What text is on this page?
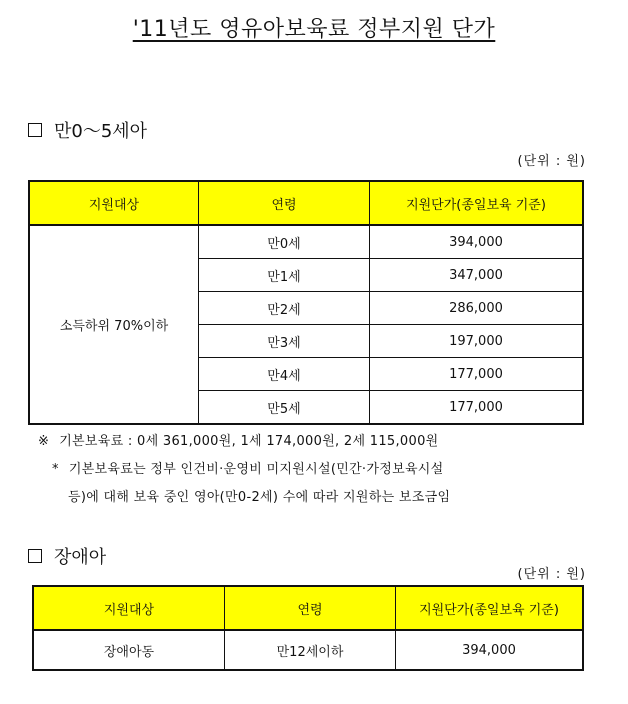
'11년도 영유아보육료 정부지원 단가
만0～5세아
(단위 : 원)
지원대상	연령	지원단가(종일보육 기준)
소득하위 70%이하	만0세	394,000
	만1세	347,000
	만2세	286,000
	만3세	197,000
	만4세	177,000
	만5세	177,000
※ 기본보육료 : 0세 361,000원, 1세 174,000원, 2세 115,000원
* 기본보육료는 정부 인건비·운영비 미지원시설(민간·가정보육시설
등)에 대해 보육 중인 영아(만0-2세) 수에 따라 지원하는 보조금임
장애아
(단위 : 원)
지원대상	연령	지원단가(종일보육 기준)
장애아동	만12세이하	394,000
